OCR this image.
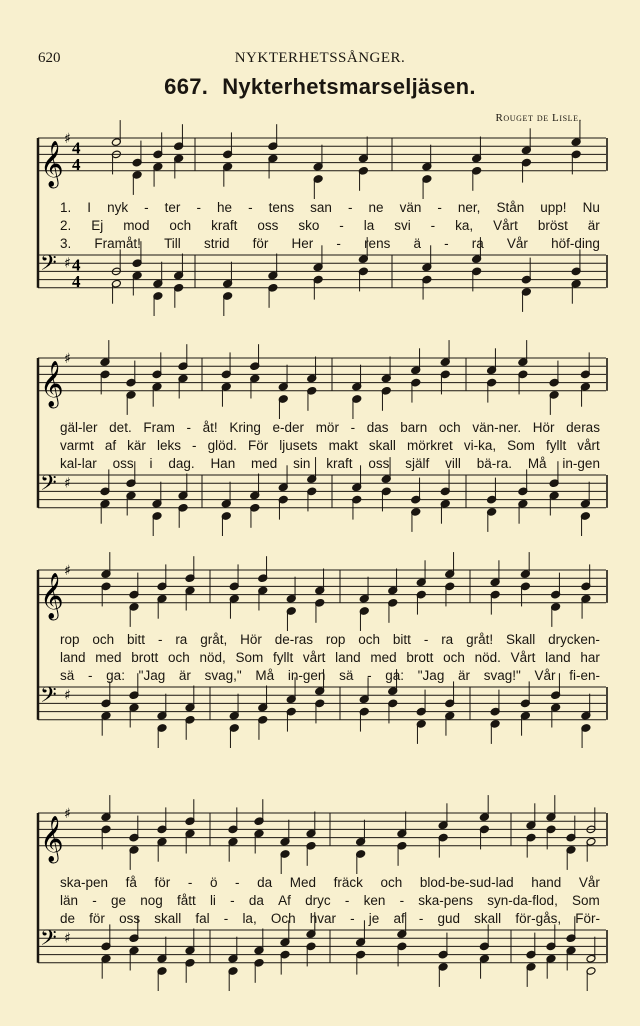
620	NYKTERHETSSÅNGER.
667. Nykterhetsmarseljäsen.
Rouget de Lisle.
𝄞
♯ 4
4
𝄢 ♯ 4
4
1. I nyk - ter - he - tens san - ne vän - ner, Stån upp! Nu
2. Ej mod och kraft oss sko - la svi - ka, Vårt bröst är
3. Framåt! Till strid för Her - rens ä - ra Vår höf-ding
𝄞
♯
𝄢 ♯
gäl-ler det. Fram - åt! Kring e-der mör - das barn och vän-ner. Hör deras
varmt af kär leks - glöd. För ljusets makt skall mörkret vi-ka, Som fyllt vårt
kal-lar oss i dag. Han med sin kraft oss själf vill bä-ra. Må in-gen
𝄞
♯
𝄢 ♯
rop och bitt - ra gråt, Hör de-ras rop och bitt - ra gråt! Skall drycken-
land med brott och nöd, Som fyllt vårt land med brott och nöd. Vårt land har
sä - ga: "Jag är svag," Må in-gen sä - ga: "Jag är svag!" Vår fi-en-
𝄞
♯
𝄢 ♯
ska-pen få för - ö - da Med fräck och blod-be-sud-lad hand Vår
län - ge nog fått li - da Af dryc - ken - ska-pens syn-da-flod, Som
de för oss skall fal - la, Och hvar - je af - gud skall för-gås, För-
